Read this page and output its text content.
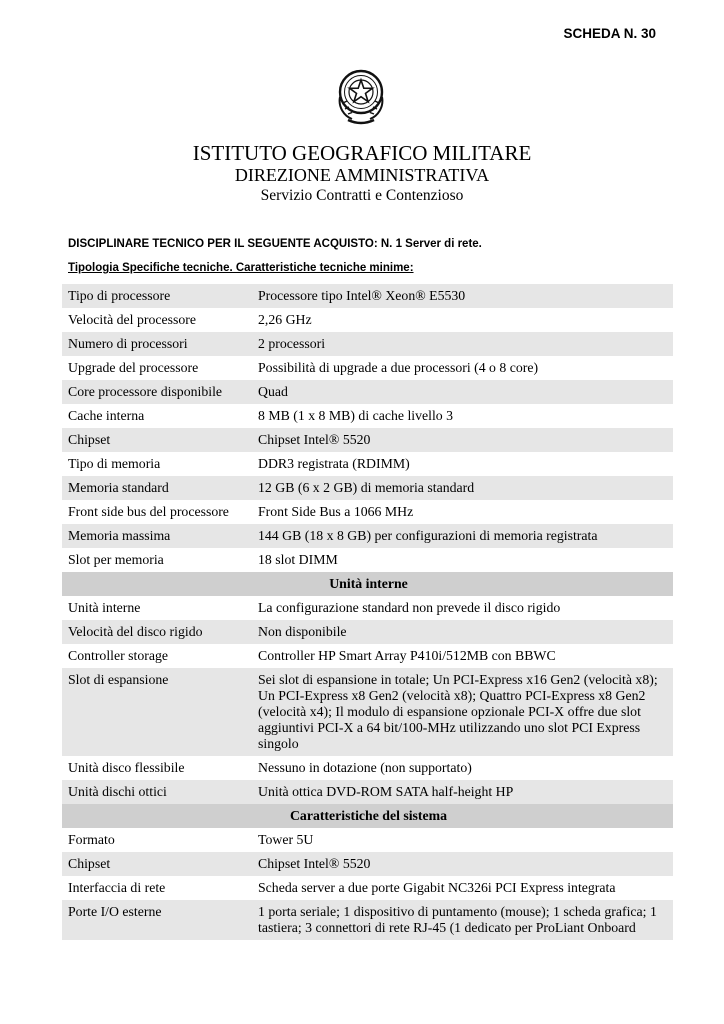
SCHEDA N. 30
ISTITUTO GEOGRAFICO MILITARE
DIREZIONE AMMINISTRATIVA
Servizio Contratti e Contenzioso
DISCIPLINARE TECNICO PER IL SEGUENTE ACQUISTO: N. 1 Server di rete.
Tipologia Specifiche tecniche. Caratteristiche tecniche minime:
Tipo di processore	Processore tipo Intel® Xeon® E5530
Velocità del processore	2,26 GHz
Numero di processori	2 processori
Upgrade del processore	Possibilità di upgrade a due processori (4 o 8 core)
Core processore disponibile	Quad
Cache interna	8 MB (1 x 8 MB) di cache livello 3
Chipset	Chipset Intel® 5520
Tipo di memoria	DDR3 registrata (RDIMM)
Memoria standard	12 GB (6 x 2 GB) di memoria standard
Front side bus del processore	Front Side Bus a 1066 MHz
Memoria massima	144 GB (18 x 8 GB) per configurazioni di memoria registrata
Slot per memoria	18 slot DIMM
Unità interne	
Unità interne	La configurazione standard non prevede il disco rigido
Velocità del disco rigido	Non disponibile
Controller storage	Controller HP Smart Array P410i/512MB con BBWC
Slot di espansione	Sei slot di espansione in totale; Un PCI-Express x16 Gen2 (velocità x8); Un PCI-Express x8 Gen2 (velocità x8); Quattro PCI-Express x8 Gen2 (velocità x4); Il modulo di espansione opzionale PCI-X offre due slot aggiuntivi PCI-X a 64 bit/100-MHz utilizzando uno slot PCI Express singolo
Unità disco flessibile	Nessuno in dotazione (non supportato)
Unità dischi ottici	Unità ottica DVD-ROM SATA half-height HP
Caratteristiche del sistema	
Formato	Tower 5U
Chipset	Chipset Intel® 5520
Interfaccia di rete	Scheda server a due porte Gigabit NC326i PCI Express integrata
Porte I/O esterne	1 porta seriale; 1 dispositivo di puntamento (mouse); 1 scheda grafica; 1 tastiera; 3 connettori di rete RJ-45 (1 dedicato per ProLiant Onboard
